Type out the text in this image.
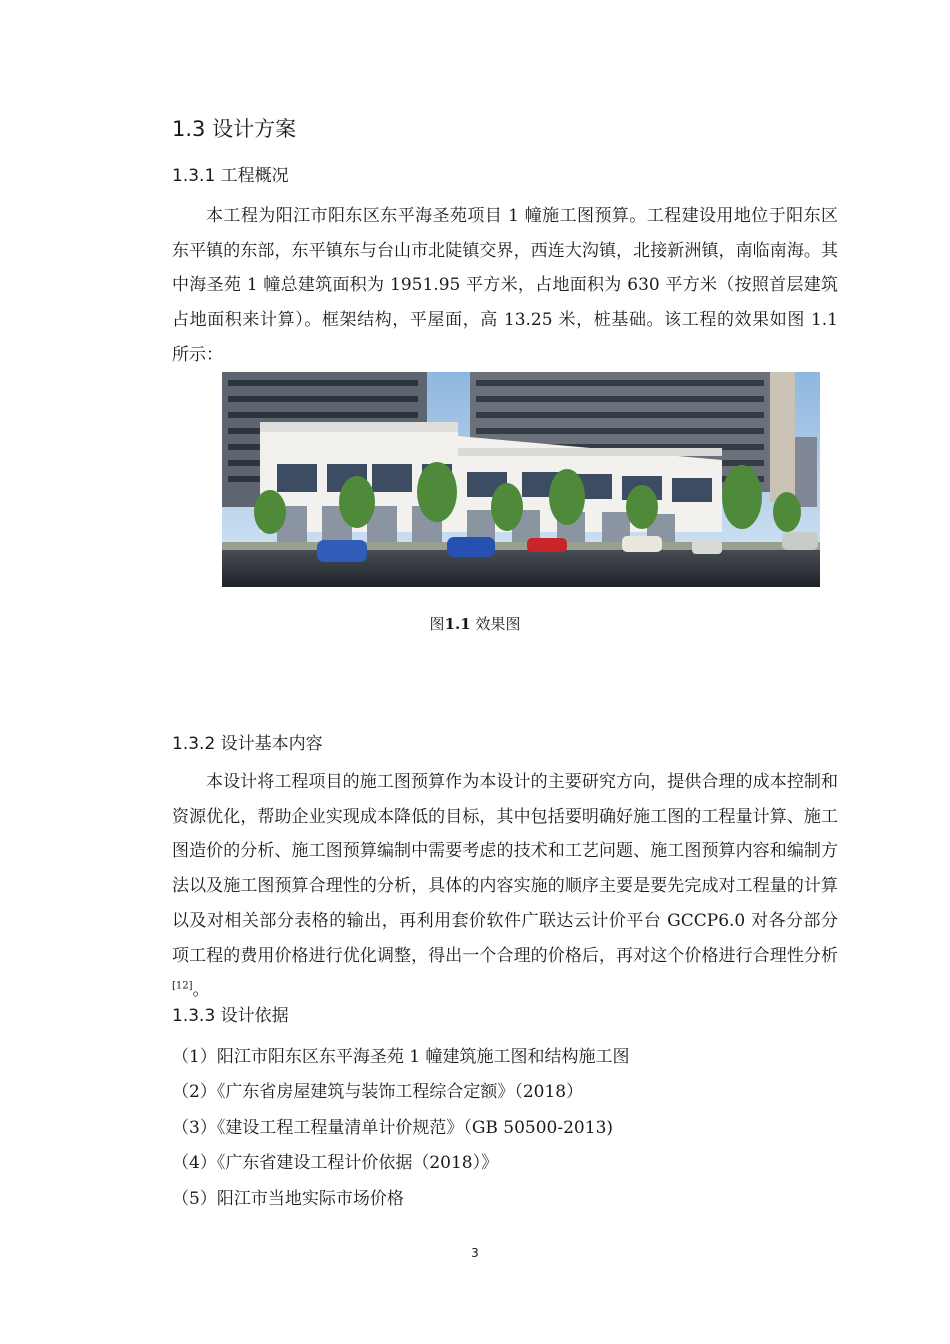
1.3 设计方案
1.3.1 工程概况

本工程为阳江市阳东区东平海圣苑项目 1 幢施工图预算。工程建设用地位于阳东区东平镇的东部，东平镇东与台山市北陡镇交界，西连大沟镇，北接新洲镇，南临南海。其中海圣苑 1 幢总建筑面积为 1951.95 平方米，占地面积为 630 平方米（按照首层建筑占地面积来计算）。框架结构，平屋面，高 13.25 米，桩基础。该工程的效果如图 1.1 所示：

图1.1 效果图

1.3.2 设计基本内容

本设计将工程项目的施工图预算作为本设计的主要研究方向，提供合理的成本控制和资源优化，帮助企业实现成本降低的目标，其中包括要明确好施工图的工程量计算、施工图造价的分析、施工图预算编制中需要考虑的技术和工艺问题、施工图预算内容和编制方法以及施工图预算合理性的分析，具体的内容实施的顺序主要是要先完成对工程量的计算以及对相关部分表格的输出，再利用套价软件广联达云计价平台 GCCP6.0 对各分部分项工程的费用价格进行优化调整，得出一个合理的价格后，再对这个价格进行合理性分析[12]。

1.3.3 设计依据
（1）阳江市阳东区东平海圣苑 1 幢建筑施工图和结构施工图
（2）《广东省房屋建筑与装饰工程综合定额》（2018）
（3）《建设工程工程量清单计价规范》（GB 50500-2013)
（4）《广东省建设工程计价依据（2018）》
（5）阳江市当地实际市场价格
3
